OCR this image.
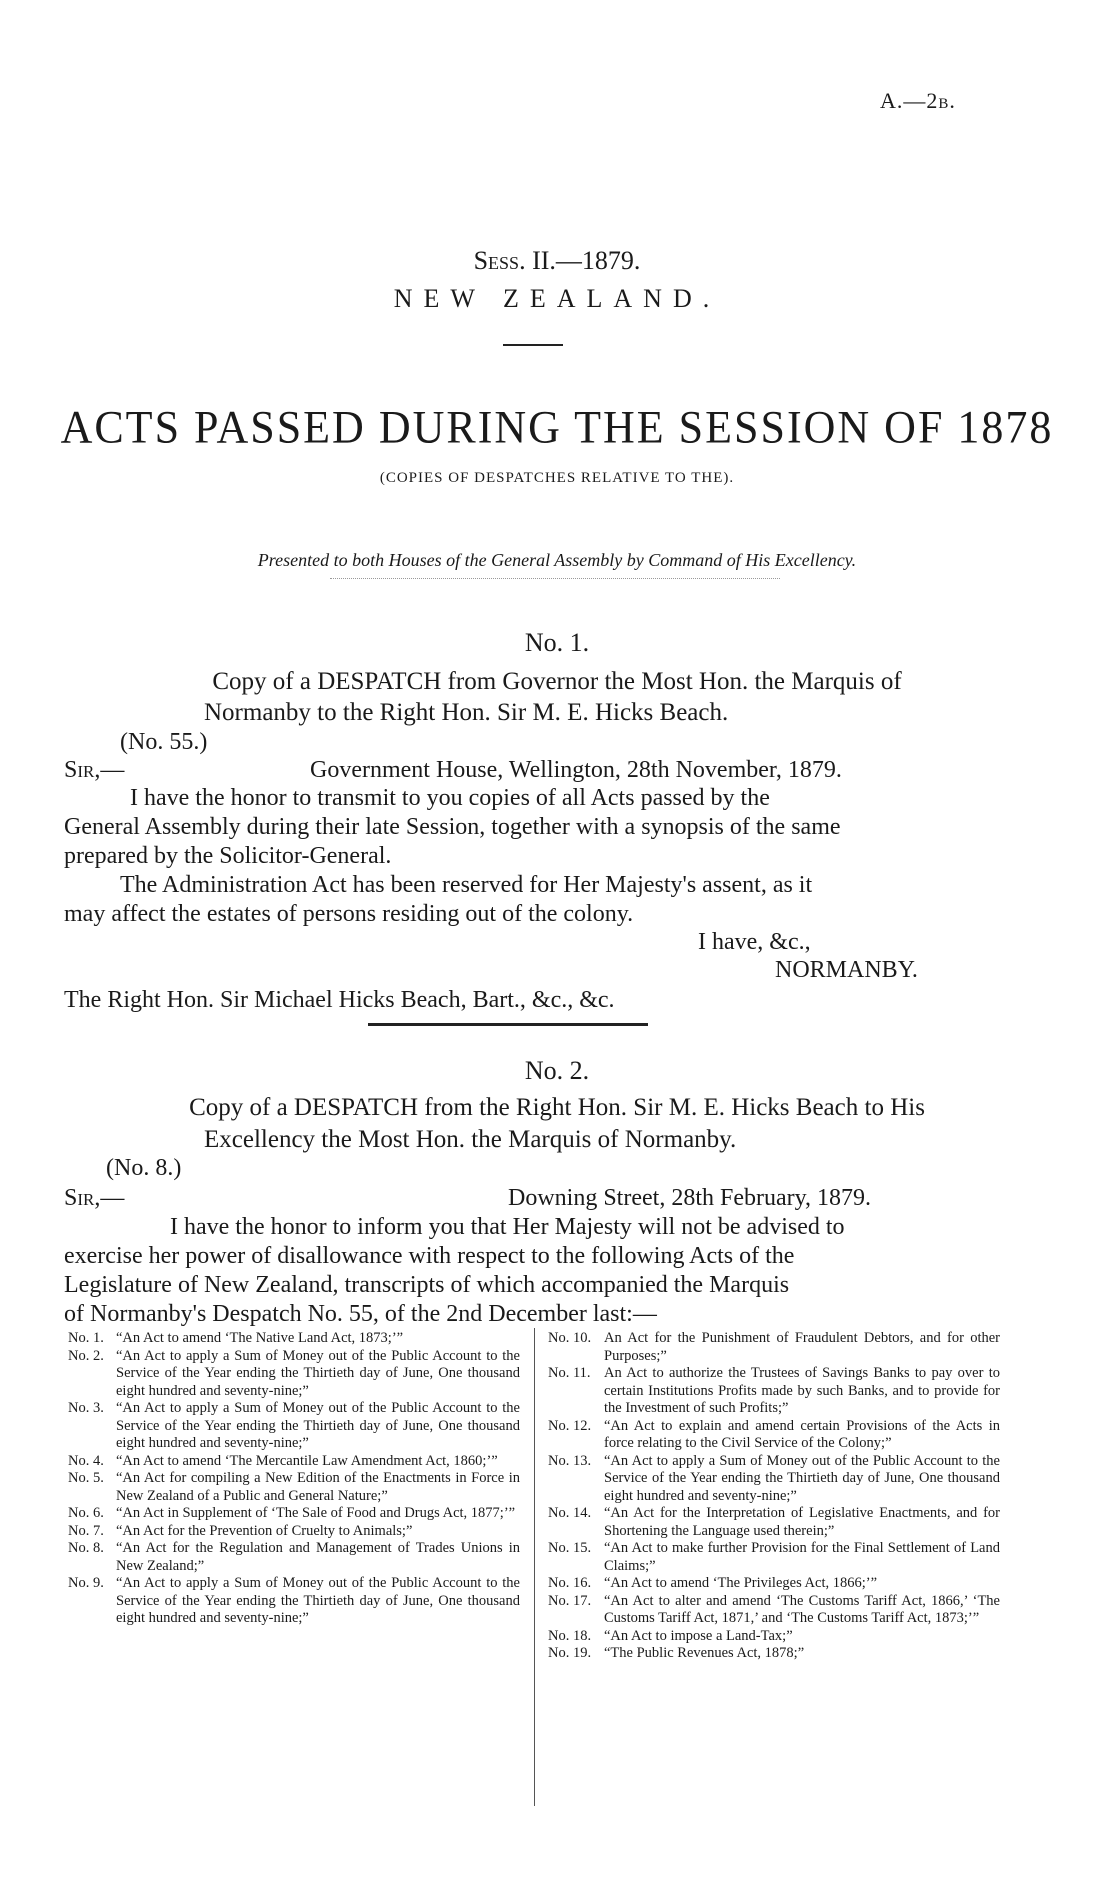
A.—2b.
Sess. II.—1879.
NEW ZEALAND.
ACTS PASSED DURING THE SESSION OF 1878
(COPIES OF DESPATCHES RELATIVE TO THE).
Presented to both Houses of the General Assembly by Command of His Excellency.
No. 1.
Copy of a DESPATCH from Governor the Most Hon. the Marquis of
Normanby to the Right Hon. Sir M. E. Hicks Beach.
(No. 55.)
Sir,—	Government House, Wellington, 28th November, 1879.
I have the honor to transmit to you copies of all Acts passed by the
General Assembly during their late Session, together with a synopsis of the same
prepared by the Solicitor-General.
The Administration Act has been reserved for Her Majesty's assent, as it
may affect the estates of persons residing out of the colony.
I have, &c.,
NORMANBY.
The Right Hon. Sir Michael Hicks Beach, Bart., &c., &c.
No. 2.
Copy of a DESPATCH from the Right Hon. Sir M. E. Hicks Beach to His
Excellency the Most Hon. the Marquis of Normanby.
(No. 8.)
Sir,—	Downing Street, 28th February, 1879.
I have the honor to inform you that Her Majesty will not be advised to
exercise her power of disallowance with respect to the following Acts of the
Legislature of New Zealand, transcripts of which accompanied the Marquis
of Normanby's Despatch No. 55, of the 2nd December last:—
No. 1. “An Act to amend ‘The Native Land Act, 1873;’”
No. 2. “An Act to apply a Sum of Money out of the Public Account to the Service of the Year ending the Thirtieth day of June, One thousand eight hundred and seventy-nine;”
No. 3. “An Act to apply a Sum of Money out of the Public Account to the Service of the Year ending the Thirtieth day of June, One thousand eight hundred and seventy-nine;”
No. 4. “An Act to amend ‘The Mercantile Law Amendment Act, 1860;’”
No. 5. “An Act for compiling a New Edition of the Enactments in Force in New Zealand of a Public and General Nature;”
No. 6. “An Act in Supplement of ‘The Sale of Food and Drugs Act, 1877;’”
No. 7. “An Act for the Prevention of Cruelty to Animals;”
No. 8. “An Act for the Regulation and Management of Trades Unions in New Zealand;”
No. 9. “An Act to apply a Sum of Money out of the Public Account to the Service of the Year ending the Thirtieth day of June, One thousand eight hundred and seventy-nine;”
No. 10. An Act for the Punishment of Fraudulent Debtors, and for other Purposes;”
No. 11. An Act to authorize the Trustees of Savings Banks to pay over to certain Institutions Profits made by such Banks, and to provide for the Investment of such Profits;”
No. 12. “An Act to explain and amend certain Provisions of the Acts in force relating to the Civil Service of the Colony;”
No. 13. “An Act to apply a Sum of Money out of the Public Account to the Service of the Year ending the Thirtieth day of June, One thousand eight hundred and seventy-nine;”
No. 14. “An Act for the Interpretation of Legislative Enactments, and for Shortening the Language used therein;”
No. 15. “An Act to make further Provision for the Final Settlement of Land Claims;”
No. 16. “An Act to amend ‘The Privileges Act, 1866;’”
No. 17. “An Act to alter and amend ‘The Customs Tariff Act, 1866,’ ‘The Customs Tariff Act, 1871,’ and ‘The Customs Tariff Act, 1873;’”
No. 18. “An Act to impose a Land-Tax;”
No. 19. “The Public Revenues Act, 1878;”
